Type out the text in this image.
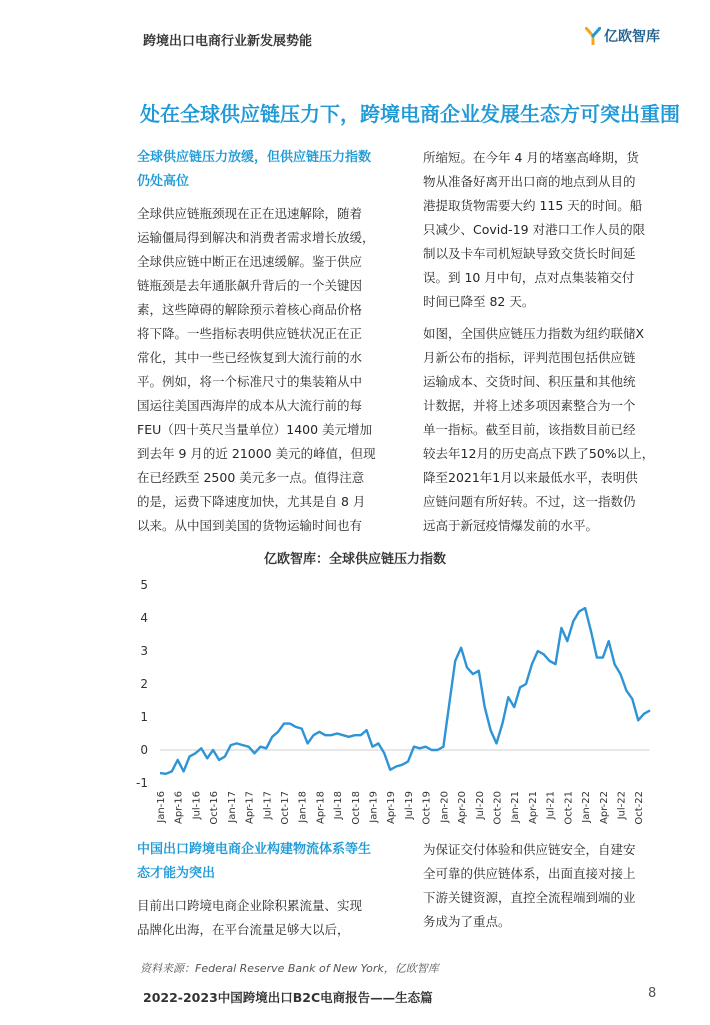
跨境出口电商行业新发展势能	亿欧智库
处在全球供应链压力下，跨境电商企业发展生态方可突出重围
全球供应链压力放缓，但供应链压力指数
仍处高位
全球供应链瓶颈现在正在迅速解除，随着
运输僵局得到解决和消费者需求增长放缓，
全球供应链中断正在迅速缓解。鉴于供应
链瓶颈是去年通胀飙升背后的一个关键因
素，这些障碍的解除预示着核心商品价格
将下降。一些指标表明供应链状况正在正
常化，其中一些已经恢复到大流行前的水
平。例如，将一个标准尺寸的集装箱从中
国运往美国西海岸的成本从大流行前的每
FEU（四十英尺当量单位）1400 美元增加
到去年 9 月的近 21000 美元的峰值，但现
在已经跌至 2500 美元多一点。值得注意
的是，运费下降速度加快，尤其是自 8 月
以来。从中国到美国的货物运输时间也有
所缩短。在今年 4 月的堵塞高峰期，货
物从准备好离开出口商的地点到从目的
港提取货物需要大约 115 天的时间。船
只减少、Covid-19 对港口工作人员的限
制以及卡车司机短缺导致交货长时间延
误。到 10 月中旬，点对点集装箱交付
时间已降至 82 天。
如图，全国供应链压力指数为纽约联储X
月新公布的指标，评判范围包括供应链
运输成本、交货时间、积压量和其他统
计数据，并将上述多项因素整合为一个
单一指标。截至目前，该指数目前已经
较去年12月的历史高点下跌了50%以上，
降至2021年1月以来最低水平，表明供
应链问题有所好转。不过，这一指数仍
远高于新冠疫情爆发前的水平。
亿欧智库：全球供应链压力指数
5
4
3
2
1
0
-1
Jan-16 Apr-16 Jul-16 Oct-16 Jan-17 Apr-17 Jul-17 Oct-17 Jan-18 Apr-18 Jul-18 Oct-18 Jan-19 Apr-19 Jul-19 Oct-19 Jan-20 Apr-20 Jul-20 Oct-20 Jan-21 Apr-21 Jul-21 Oct-21 Jan-22 Apr-22 Jul-22 Oct-22
中国出口跨境电商企业构建物流体系等生
态才能为突出
目前出口跨境电商企业除积累流量、实现
品牌化出海，在平台流量足够大以后，
为保证交付体验和供应链安全，自建安
全可靠的供应链体系，出面直接对接上
下游关键资源，直控全流程端到端的业
务成为了重点。
资料来源：Federal Reserve Bank of New York，亿欧智库
2022-2023中国跨境出口B2C电商报告——生态篇	8
